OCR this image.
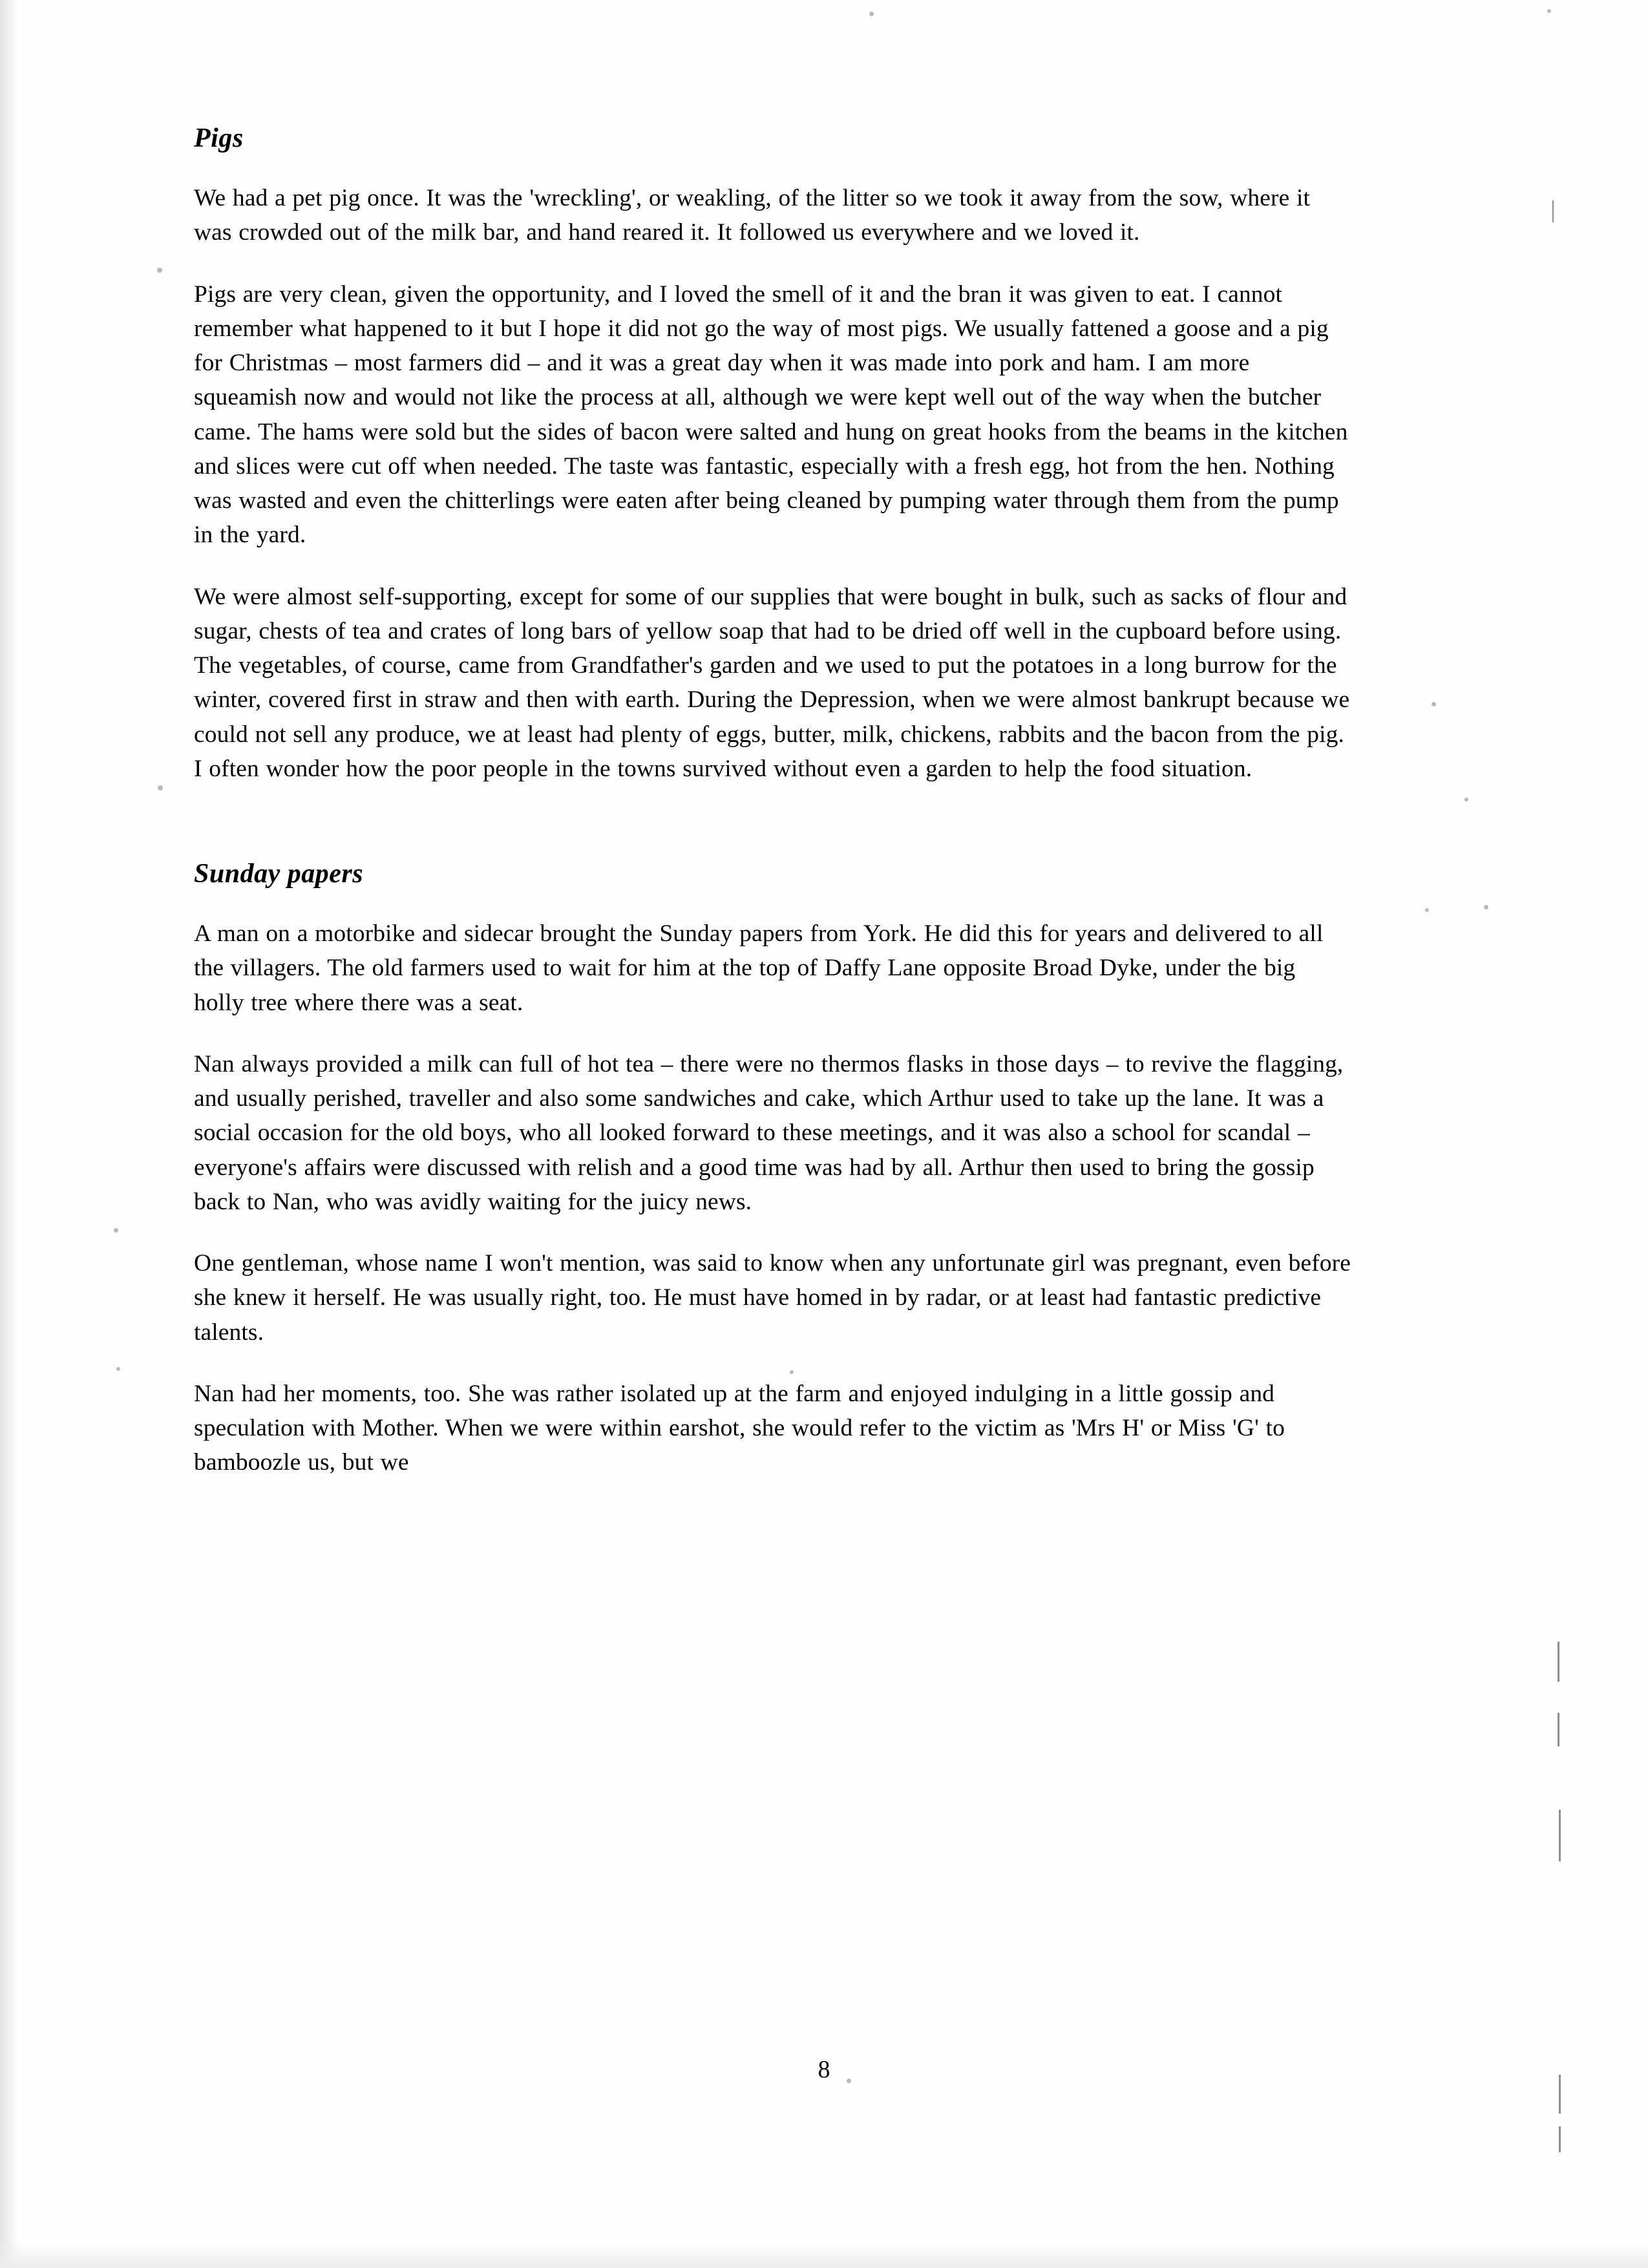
Pigs

We had a pet pig once. It was the 'wreckling', or weakling, of the litter so we took it away from the sow, where it was crowded out of the milk bar, and hand reared it. It followed us everywhere and we loved it.

Pigs are very clean, given the opportunity, and I loved the smell of it and the bran it was given to eat. I cannot remember what happened to it but I hope it did not go the way of most pigs. We usually fattened a goose and a pig for Christmas – most farmers did – and it was a great day when it was made into pork and ham. I am more squeamish now and would not like the process at all, although we were kept well out of the way when the butcher came. The hams were sold but the sides of bacon were salted and hung on great hooks from the beams in the kitchen and slices were cut off when needed. The taste was fantastic, especially with a fresh egg, hot from the hen. Nothing was wasted and even the chitterlings were eaten after being cleaned by pumping water through them from the pump in the yard.

We were almost self-supporting, except for some of our supplies that were bought in bulk, such as sacks of flour and sugar, chests of tea and crates of long bars of yellow soap that had to be dried off well in the cupboard before using. The vegetables, of course, came from Grandfather's garden and we used to put the potatoes in a long burrow for the winter, covered first in straw and then with earth. During the Depression, when we were almost bankrupt because we could not sell any produce, we at least had plenty of eggs, butter, milk, chickens, rabbits and the bacon from the pig. I often wonder how the poor people in the towns survived without even a garden to help the food situation.

Sunday papers

A man on a motorbike and sidecar brought the Sunday papers from York. He did this for years and delivered to all the villagers. The old farmers used to wait for him at the top of Daffy Lane opposite Broad Dyke, under the big holly tree where there was a seat.

Nan always provided a milk can full of hot tea – there were no thermos flasks in those days – to revive the flagging, and usually perished, traveller and also some sandwiches and cake, which Arthur used to take up the lane. It was a social occasion for the old boys, who all looked forward to these meetings, and it was also a school for scandal – everyone's affairs were discussed with relish and a good time was had by all. Arthur then used to bring the gossip back to Nan, who was avidly waiting for the juicy news.

One gentleman, whose name I won't mention, was said to know when any unfortunate girl was pregnant, even before she knew it herself. He was usually right, too. He must have homed in by radar, or at least had fantastic predictive talents.

Nan had her moments, too. She was rather isolated up at the farm and enjoyed indulging in a little gossip and speculation with Mother. When we were within earshot, she would refer to the victim as 'Mrs H' or Miss 'G' to bamboozle us, but we

8
